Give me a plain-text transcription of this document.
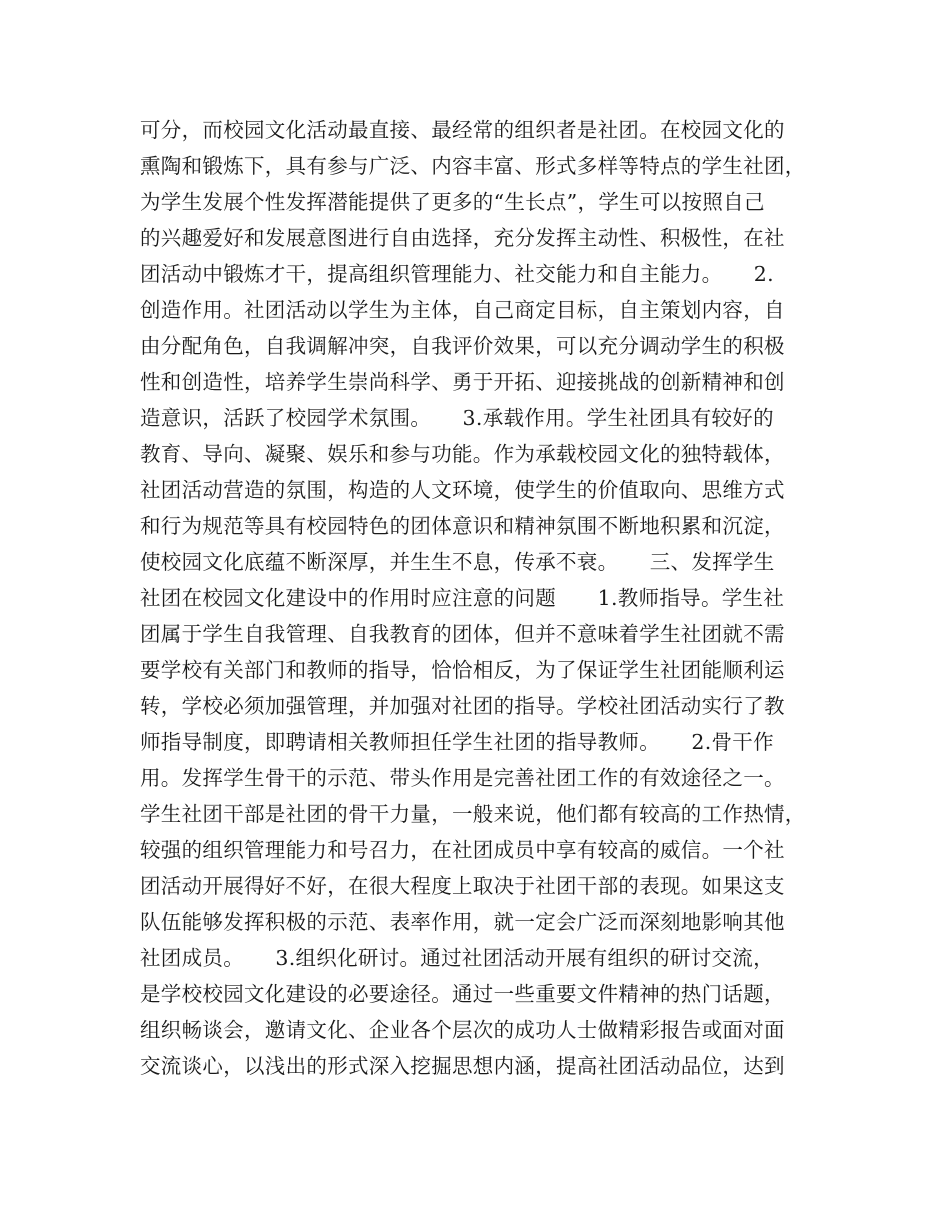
可分，而校园文化活动最直接、最经常的组织者是社团。在校园文化的
熏陶和锻炼下，具有参与广泛、内容丰富、形式多样等特点的学生社团，
为学生发展个性发挥潜能提供了更多的“生长点”，学生可以按照自己
的兴趣爱好和发展意图进行自由选择，充分发挥主动性、积极性，在社
团活动中锻炼才干，提高组织管理能力、社交能力和自主能力。　　2.
创造作用。社团活动以学生为主体，自己商定目标，自主策划内容，自
由分配角色，自我调解冲突，自我评价效果，可以充分调动学生的积极
性和创造性，培养学生崇尚科学、勇于开拓、迎接挑战的创新精神和创
造意识，活跃了校园学术氛围。　　3.承载作用。学生社团具有较好的
教育、导向、凝聚、娱乐和参与功能。作为承载校园文化的独特载体，
社团活动营造的氛围，构造的人文环境，使学生的价值取向、思维方式
和行为规范等具有校园特色的团体意识和精神氛围不断地积累和沉淀，
使校园文化底蕴不断深厚，并生生不息，传承不衰。　　三、发挥学生
社团在校园文化建设中的作用时应注意的问题　　1.教师指导。学生社
团属于学生自我管理、自我教育的团体，但并不意味着学生社团就不需
要学校有关部门和教师的指导，恰恰相反，为了保证学生社团能顺利运
转，学校必须加强管理，并加强对社团的指导。学校社团活动实行了教
师指导制度，即聘请相关教师担任学生社团的指导教师。　　2.骨干作
用。发挥学生骨干的示范、带头作用是完善社团工作的有效途径之一。
学生社团干部是社团的骨干力量，一般来说，他们都有较高的工作热情，
较强的组织管理能力和号召力，在社团成员中享有较高的威信。一个社
团活动开展得好不好，在很大程度上取决于社团干部的表现。如果这支
队伍能够发挥积极的示范、表率作用，就一定会广泛而深刻地影响其他
社团成员。　　3.组织化研讨。通过社团活动开展有组织的研讨交流，
是学校校园文化建设的必要途径。通过一些重要文件精神的热门话题，
组织畅谈会，邀请文化、企业各个层次的成功人士做精彩报告或面对面
交流谈心，以浅出的形式深入挖掘思想内涵，提高社团活动品位，达到
